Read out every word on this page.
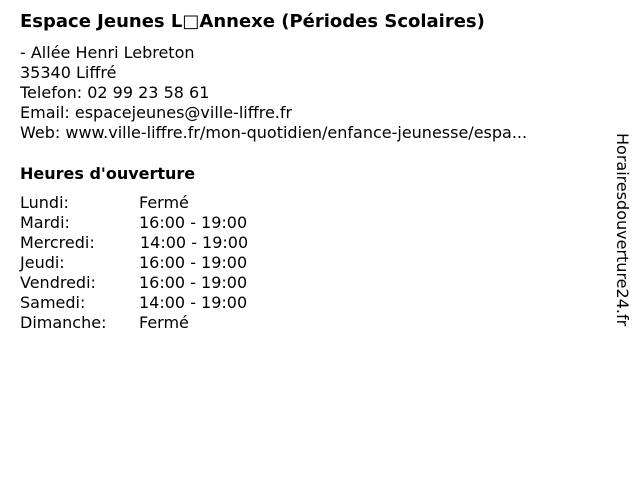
Espace Jeunes L□Annexe (Périodes Scolaires)
- Allée Henri Lebreton
35340 Liffré
Telefon: 02 99 23 58 61
Email: espacejeunes@ville-liffre.fr
Web: www.ville-liffre.fr/mon-quotidien/enfance-jeunesse/espa...
Heures d'ouverture
Lundi:	Fermé
Mardi:	16:00 - 19:00
Mercredi:	14:00 - 19:00
Jeudi:	16:00 - 19:00
Vendredi:	16:00 - 19:00
Samedi:	14:00 - 19:00
Dimanche:	Fermé	Horairesdouverture24.fr
